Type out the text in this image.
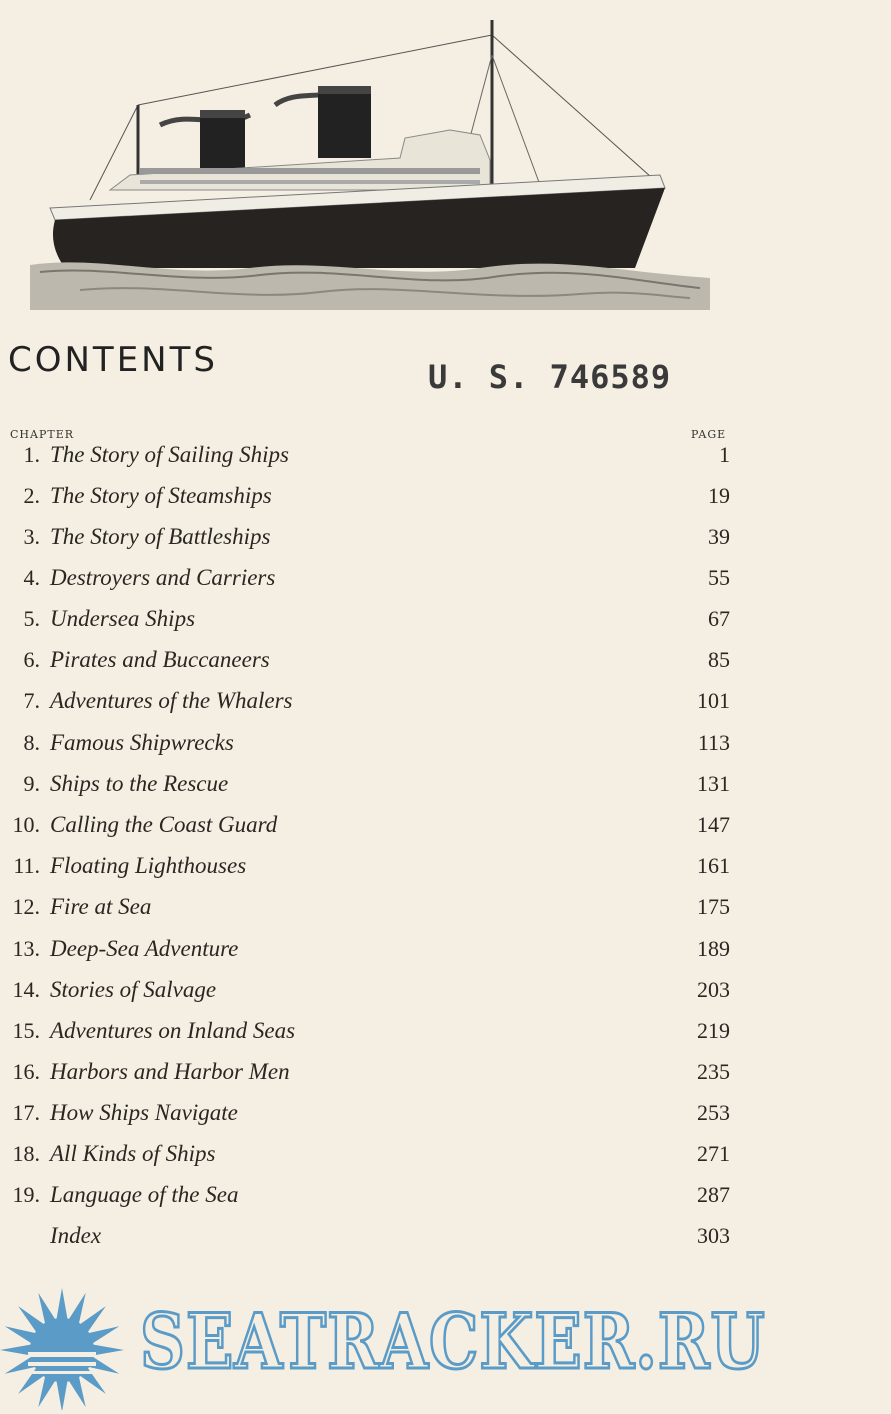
CONTENTS	U. S. 746589
CHAPTER	PAGE
1. The Story of Sailing Ships	1
2. The Story of Steamships	19
3. The Story of Battleships	39
4. Destroyers and Carriers	55
5. Undersea Ships	67
6. Pirates and Buccaneers	85
7. Adventures of the Whalers	101
8. Famous Shipwrecks	113
9. Ships to the Rescue	131
10. Calling the Coast Guard	147
11. Floating Lighthouses	161
12. Fire at Sea	175
13. Deep-Sea Adventure	189
14. Stories of Salvage	203
15. Adventures on Inland Seas	219
16. Harbors and Harbor Men	235
17. How Ships Navigate	253
18. All Kinds of Ships	271
19. Language of the Sea	287
Index	303
SEATRACKER.RU
